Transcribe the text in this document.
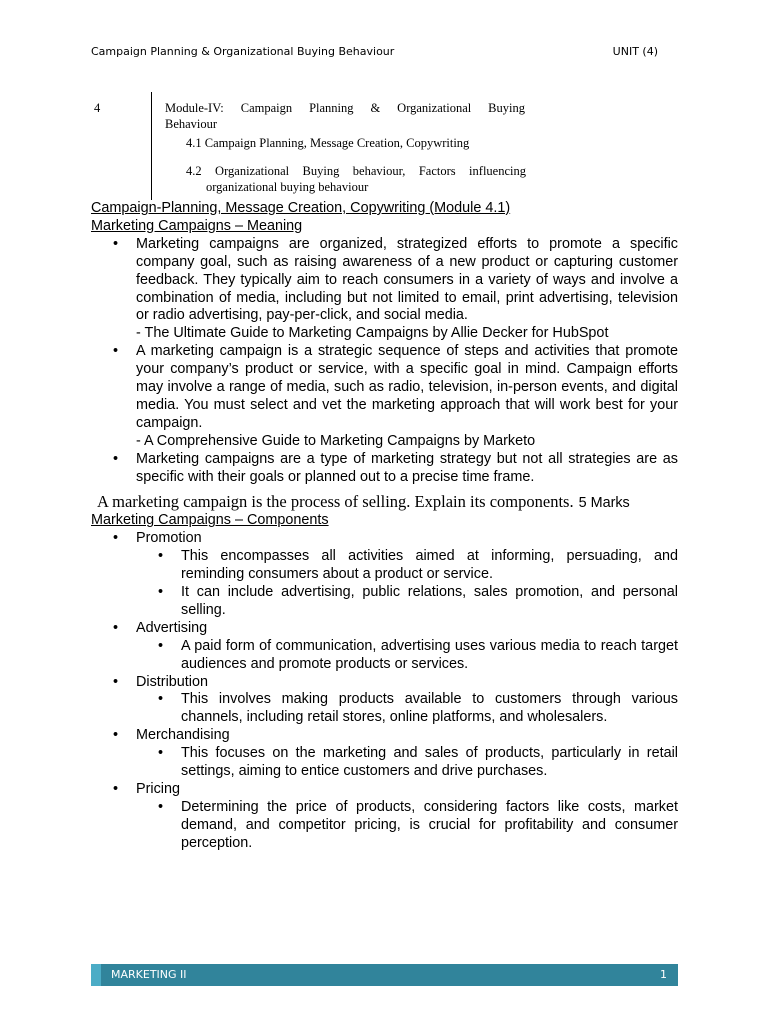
Campaign Planning & Organizational Buying Behaviour	UNIT (4)
4	Module-IV: Campaign Planning & Organizational Buying
Behaviour
4.1 Campaign Planning, Message Creation, Copywriting
4.2 Organizational Buying behaviour, Factors influencing
organizational buying behaviour
Campaign-Planning, Message Creation, Copywriting (Module 4.1)
Marketing Campaigns – Meaning
• Marketing campaigns are organized, strategized efforts to promote a specific company goal, such as raising awareness of a new product or capturing customer feedback. They typically aim to reach consumers in a variety of ways and involve a combination of media, including but not limited to email, print advertising, television or radio advertising, pay-per-click, and social media.
- The Ultimate Guide to Marketing Campaigns by Allie Decker for HubSpot
• A marketing campaign is a strategic sequence of steps and activities that promote your company’s product or service, with a specific goal in mind. Campaign efforts may involve a range of media, such as radio, television, in-person events, and digital media. You must select and vet the marketing approach that will work best for your campaign.
- A Comprehensive Guide to Marketing Campaigns by Marketo
• Marketing campaigns are a type of marketing strategy but not all strategies are as specific with their goals or planned out to a precise time frame.
A marketing campaign is the process of selling. Explain its components. 5 Marks
Marketing Campaigns – Components
• Promotion
• This encompasses all activities aimed at informing, persuading, and reminding consumers about a product or service.
• It can include advertising, public relations, sales promotion, and personal selling.
• Advertising
• A paid form of communication, advertising uses various media to reach target audiences and promote products or services.
• Distribution
• This involves making products available to customers through various channels, including retail stores, online platforms, and wholesalers.
• Merchandising
• This focuses on the marketing and sales of products, particularly in retail settings, aiming to entice customers and drive purchases.
• Pricing
• Determining the price of products, considering factors like costs, market demand, and competitor pricing, is crucial for profitability and consumer perception.
MARKETING II	1
